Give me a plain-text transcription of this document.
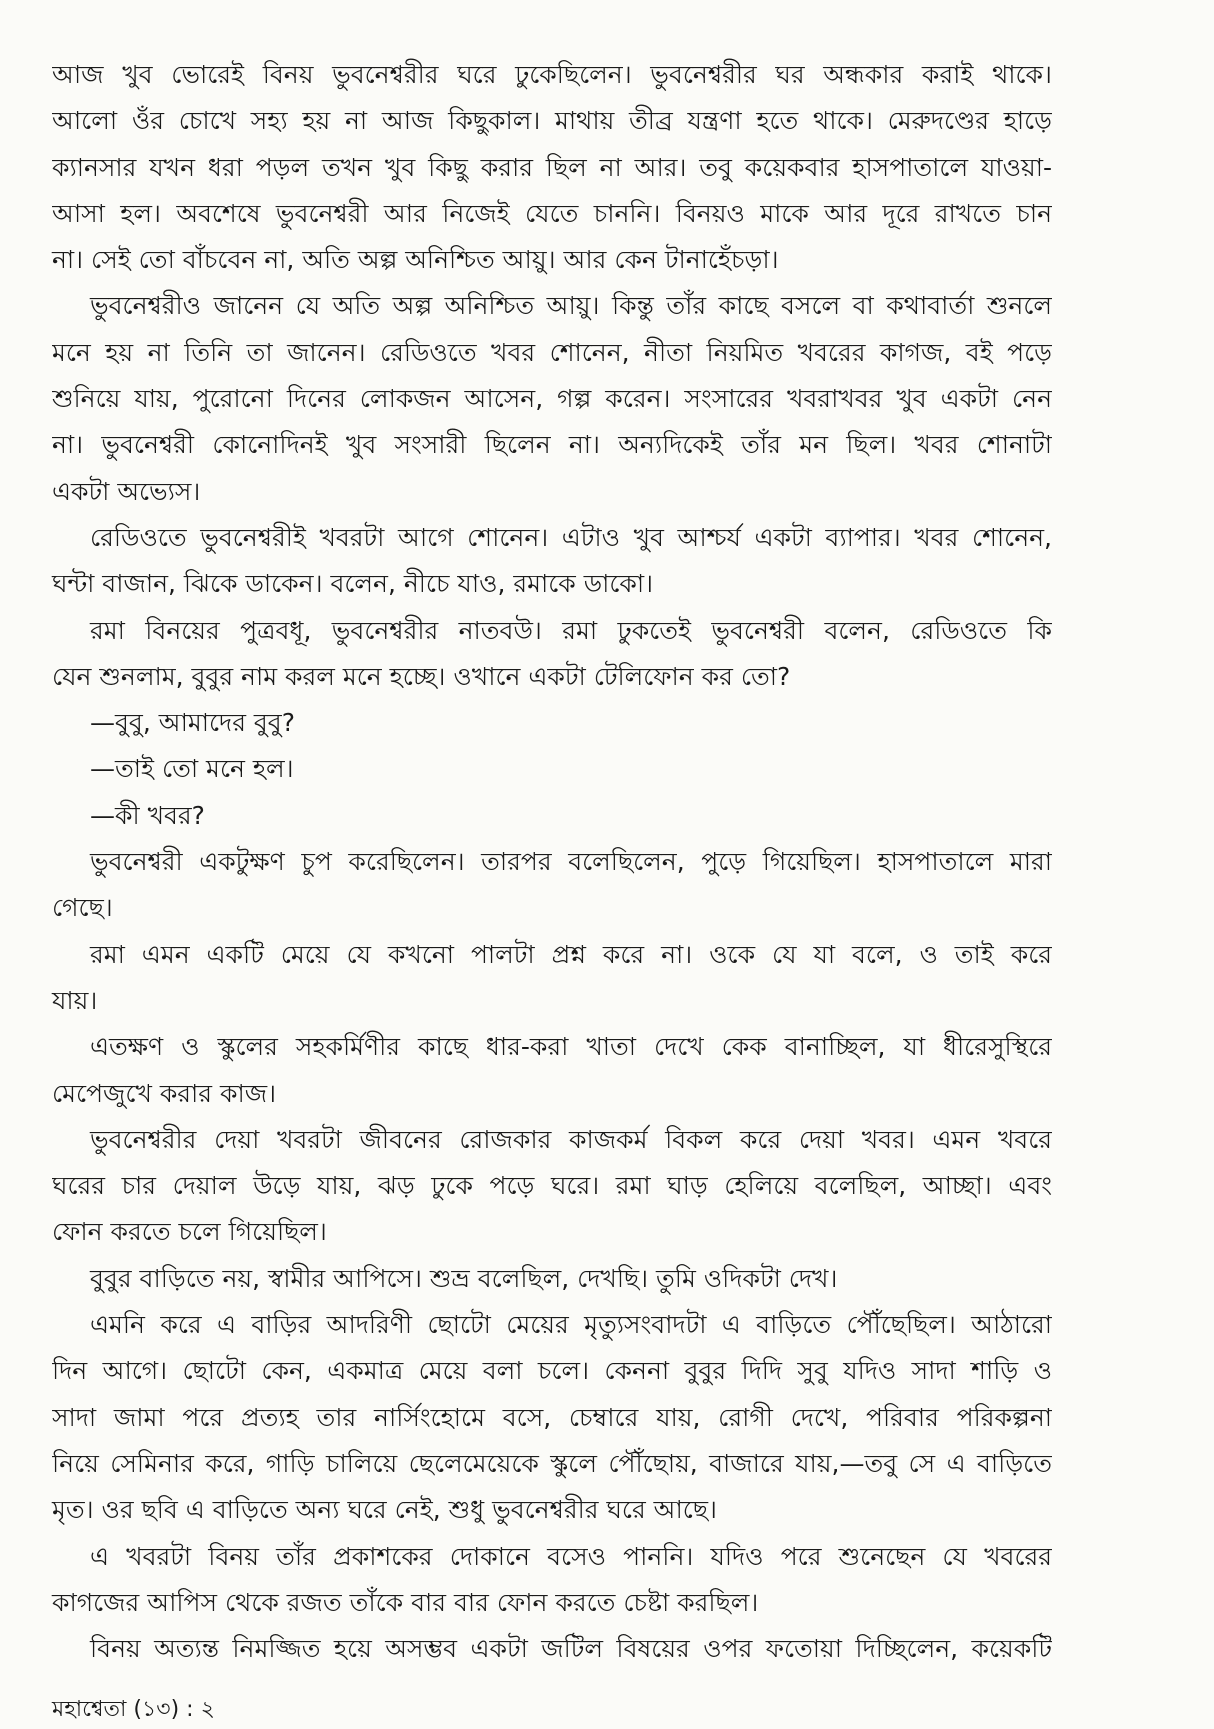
আজ খুব ভোরেই বিনয় ভুবনেশ্বরীর ঘরে ঢুকেছিলেন। ভুবনেশ্বরীর ঘর অন্ধকার করাই থাকে।
আলো ওঁর চোখে সহ্য হয় না আজ কিছুকাল। মাথায় তীব্র যন্ত্রণা হতে থাকে। মেরুদণ্ডের হাড়ে
ক্যানসার যখন ধরা পড়ল তখন খুব কিছু করার ছিল না আর। তবু কয়েকবার হাসপাতালে যাওয়া-
আসা হল। অবশেষে ভুবনেশ্বরী আর নিজেই যেতে চাননি। বিনয়ও মাকে আর দূরে রাখতে চান
না। সেই তো বাঁচবেন না, অতি অল্প অনিশ্চিত আয়ু। আর কেন টানাহেঁচড়া।
ভুবনেশ্বরীও জানেন যে অতি অল্প অনিশ্চিত আয়ু। কিন্তু তাঁর কাছে বসলে বা কথাবার্তা শুনলে
মনে হয় না তিনি তা জানেন। রেডিওতে খবর শোনেন, নীতা নিয়মিত খবরের কাগজ, বই পড়ে
শুনিয়ে যায়, পুরোনো দিনের লোকজন আসেন, গল্প করেন। সংসারের খবরাখবর খুব একটা নেন
না। ভুবনেশ্বরী কোনোদিনই খুব সংসারী ছিলেন না। অন্যদিকেই তাঁর মন ছিল। খবর শোনাটা
একটা অভ্যেস।
রেডিওতে ভুবনেশ্বরীই খবরটা আগে শোনেন। এটাও খুব আশ্চর্য একটা ব্যাপার। খবর শোনেন,
ঘন্টা বাজান, ঝিকে ডাকেন। বলেন, নীচে যাও, রমাকে ডাকো।
রমা বিনয়ের পুত্রবধূ, ভুবনেশ্বরীর নাতবউ। রমা ঢুকতেই ভুবনেশ্বরী বলেন, রেডিওতে কি
যেন শুনলাম, বুবুর নাম করল মনে হচ্ছে। ওখানে একটা টেলিফোন কর তো?
—বুবু, আমাদের বুবু?
—তাই তো মনে হল।
—কী খবর?
ভুবনেশ্বরী একটুক্ষণ চুপ করেছিলেন। তারপর বলেছিলেন, পুড়ে গিয়েছিল। হাসপাতালে মারা
গেছে।
রমা এমন একটি মেয়ে যে কখনো পালটা প্রশ্ন করে না। ওকে যে যা বলে, ও তাই করে
যায়।
এতক্ষণ ও স্কুলের সহকর্মিণীর কাছে ধার-করা খাতা দেখে কেক বানাচ্ছিল, যা ধীরেসুস্থিরে
মেপেজুখে করার কাজ।
ভুবনেশ্বরীর দেয়া খবরটা জীবনের রোজকার কাজকর্ম বিকল করে দেয়া খবর। এমন খবরে
ঘরের চার দেয়াল উড়ে যায়, ঝড় ঢুকে পড়ে ঘরে। রমা ঘাড় হেলিয়ে বলেছিল, আচ্ছা। এবং
ফোন করতে চলে গিয়েছিল।
বুবুর বাড়িতে নয়, স্বামীর আপিসে। শুভ্র বলেছিল, দেখছি। তুমি ওদিকটা দেখ।
এমনি করে এ বাড়ির আদরিণী ছোটো মেয়ের মৃত্যুসংবাদটা এ বাড়িতে পৌঁছেছিল। আঠারো
দিন আগে। ছোটো কেন, একমাত্র মেয়ে বলা চলে। কেননা বুবুর দিদি সুবু যদিও সাদা শাড়ি ও
সাদা জামা পরে প্রত্যহ তার নার্সিংহোমে বসে, চেম্বারে যায়, রোগী দেখে, পরিবার পরিকল্পনা
নিয়ে সেমিনার করে, গাড়ি চালিয়ে ছেলেমেয়েকে স্কুলে পৌঁছোয়, বাজারে যায়,—তবু সে এ বাড়িতে
মৃত। ওর ছবি এ বাড়িতে অন্য ঘরে নেই, শুধু ভুবনেশ্বরীর ঘরে আছে।
এ খবরটা বিনয় তাঁর প্রকাশকের দোকানে বসেও পাননি। যদিও পরে শুনেছেন যে খবরের
কাগজের আপিস থেকে রজত তাঁকে বার বার ফোন করতে চেষ্টা করছিল।
বিনয় অত্যন্ত নিমজ্জিত হয়ে অসম্ভব একটা জটিল বিষয়ের ওপর ফতোয়া দিচ্ছিলেন, কয়েকটি
মহাশ্বেতা (১৩) : ২
